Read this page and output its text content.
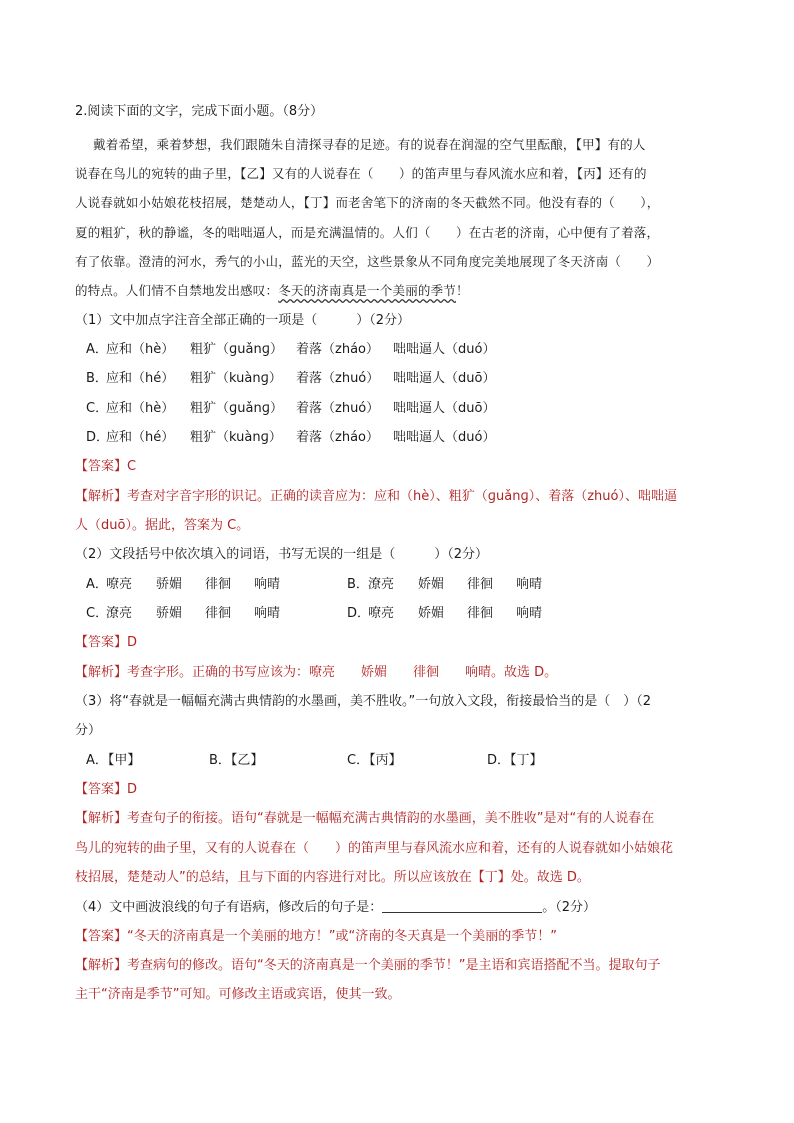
2.阅读下面的文字，完成下面小题。（8分）
戴着希望，乘着梦想，我们跟随朱自清探寻春的足迹。有的说春在润湿的空气里酝酿，【甲】有的人
说春在鸟儿的宛转的曲子里，【乙】又有的人说春在（　　）的笛声里与春风流水应和着，【丙】还有的
人说春就如小姑娘花枝招展，楚楚动人，【丁】而老舍笔下的济南的冬天截然不同。他没有春的（　　），
夏的粗犷，秋的静谧，冬的咄咄逼人，而是充满温情的。人们（　　）在古老的济南，心中便有了着落，
有了依靠。澄清的河水，秀气的小山，蓝光的天空，这些景象从不同角度完美地展现了冬天济南（　　）
的特点。人们情不自禁地发出感叹：冬天的济南真是一个美丽的季节！
（1）文中加点字注音全部正确的一项是（　　　）（2分）
A．
应和（hè） 粗犷（ɡuǎnɡ） 着落（zháo） 咄咄逼人（duó）
B．
应和（hé） 粗犷（kuànɡ） 着落（zhuó） 咄咄逼人（duō）
C．
应和（hè） 粗犷（ɡuǎnɡ） 着落（zhuó） 咄咄逼人（duō）
D．
应和（hé） 粗犷（kuànɡ） 着落（zháo） 咄咄逼人（duó）
【答案】C
【解析】考查对字音字形的识记。正确的读音应为：应和（hè）、粗犷（ɡuǎnɡ）、着落（zhuó）、咄咄逼
人（duō）。据此，答案为 C。
（2）文段括号中依次填入的词语，书写无误的一组是（　　　）（2分）
A．
嘹亮 骄媚 徘徊 响晴	B． 潦亮 娇媚 徘徊 响晴
C．
潦亮 骄媚 徘徊 响晴	D．
嘹亮 娇媚 徘徊 响晴
【答案】D
【解析】考查字形。正确的书写应该为：嘹亮　　娇媚　　徘徊　　响晴。故选 D。
（3）将“春就是一幅幅充满古典情韵的水墨画，美不胜收。”一句放入文段，衔接最恰当的是（　）（2
分）
A．【甲】	B．【乙】	C．【丙】	D．【丁】
【答案】D
【解析】考查句子的衔接。语句“春就是一幅幅充满古典情韵的水墨画，美不胜收”是对“有的人说春在
鸟儿的宛转的曲子里，又有的人说春在（　　）的笛声里与春风流水应和着，还有的人说春就如小姑娘花
枝招展，楚楚动人”的总结，且与下面的内容进行对比。所以应该放在【丁】处。故选 D。
（4）文中画波浪线的句子有语病，修改后的句子是：	。（2分）
【答案】“冬天的济南真是一个美丽的地方！”或“济南的冬天真是一个美丽的季节！”
【解析】考查病句的修改。语句“冬天的济南真是一个美丽的季节！”是主语和宾语搭配不当。提取句子
主干“济南是季节”可知。可修改主语或宾语，使其一致。
